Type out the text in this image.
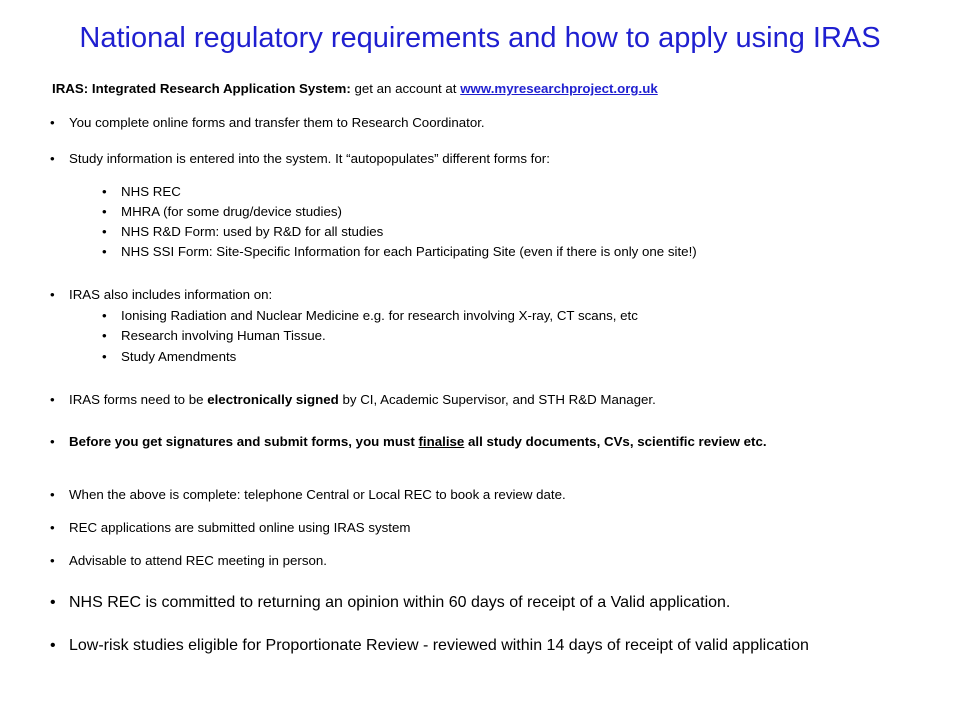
National regulatory requirements and how to apply using IRAS
IRAS: Integrated Research Application System: get an account at www.myresearchproject.org.uk
• You complete online forms and transfer them to Research Coordinator.
• Study information is entered into the system. It “autopopulates” different forms for:
• NHS REC
• MHRA (for some drug/device studies)
• NHS R&D Form: used by R&D for all studies
• NHS SSI Form: Site-Specific Information for each Participating Site (even if there is only one site!)
• IRAS also includes information on:
• Ionising Radiation and Nuclear Medicine e.g. for research involving X-ray, CT scans, etc
• Research involving Human Tissue.
• Study Amendments
• IRAS forms need to be electronically signed by CI, Academic Supervisor, and STH R&D Manager.
• Before you get signatures and submit forms, you must finalise all study documents, CVs, scientific review etc.
• When the above is complete: telephone Central or Local REC to book a review date.
• REC applications are submitted online using IRAS system
• Advisable to attend REC meeting in person.
• NHS REC is committed to returning an opinion within 60 days of receipt of a Valid application.
• Low-risk studies eligible for Proportionate Review - reviewed within 14 days of receipt of valid application
